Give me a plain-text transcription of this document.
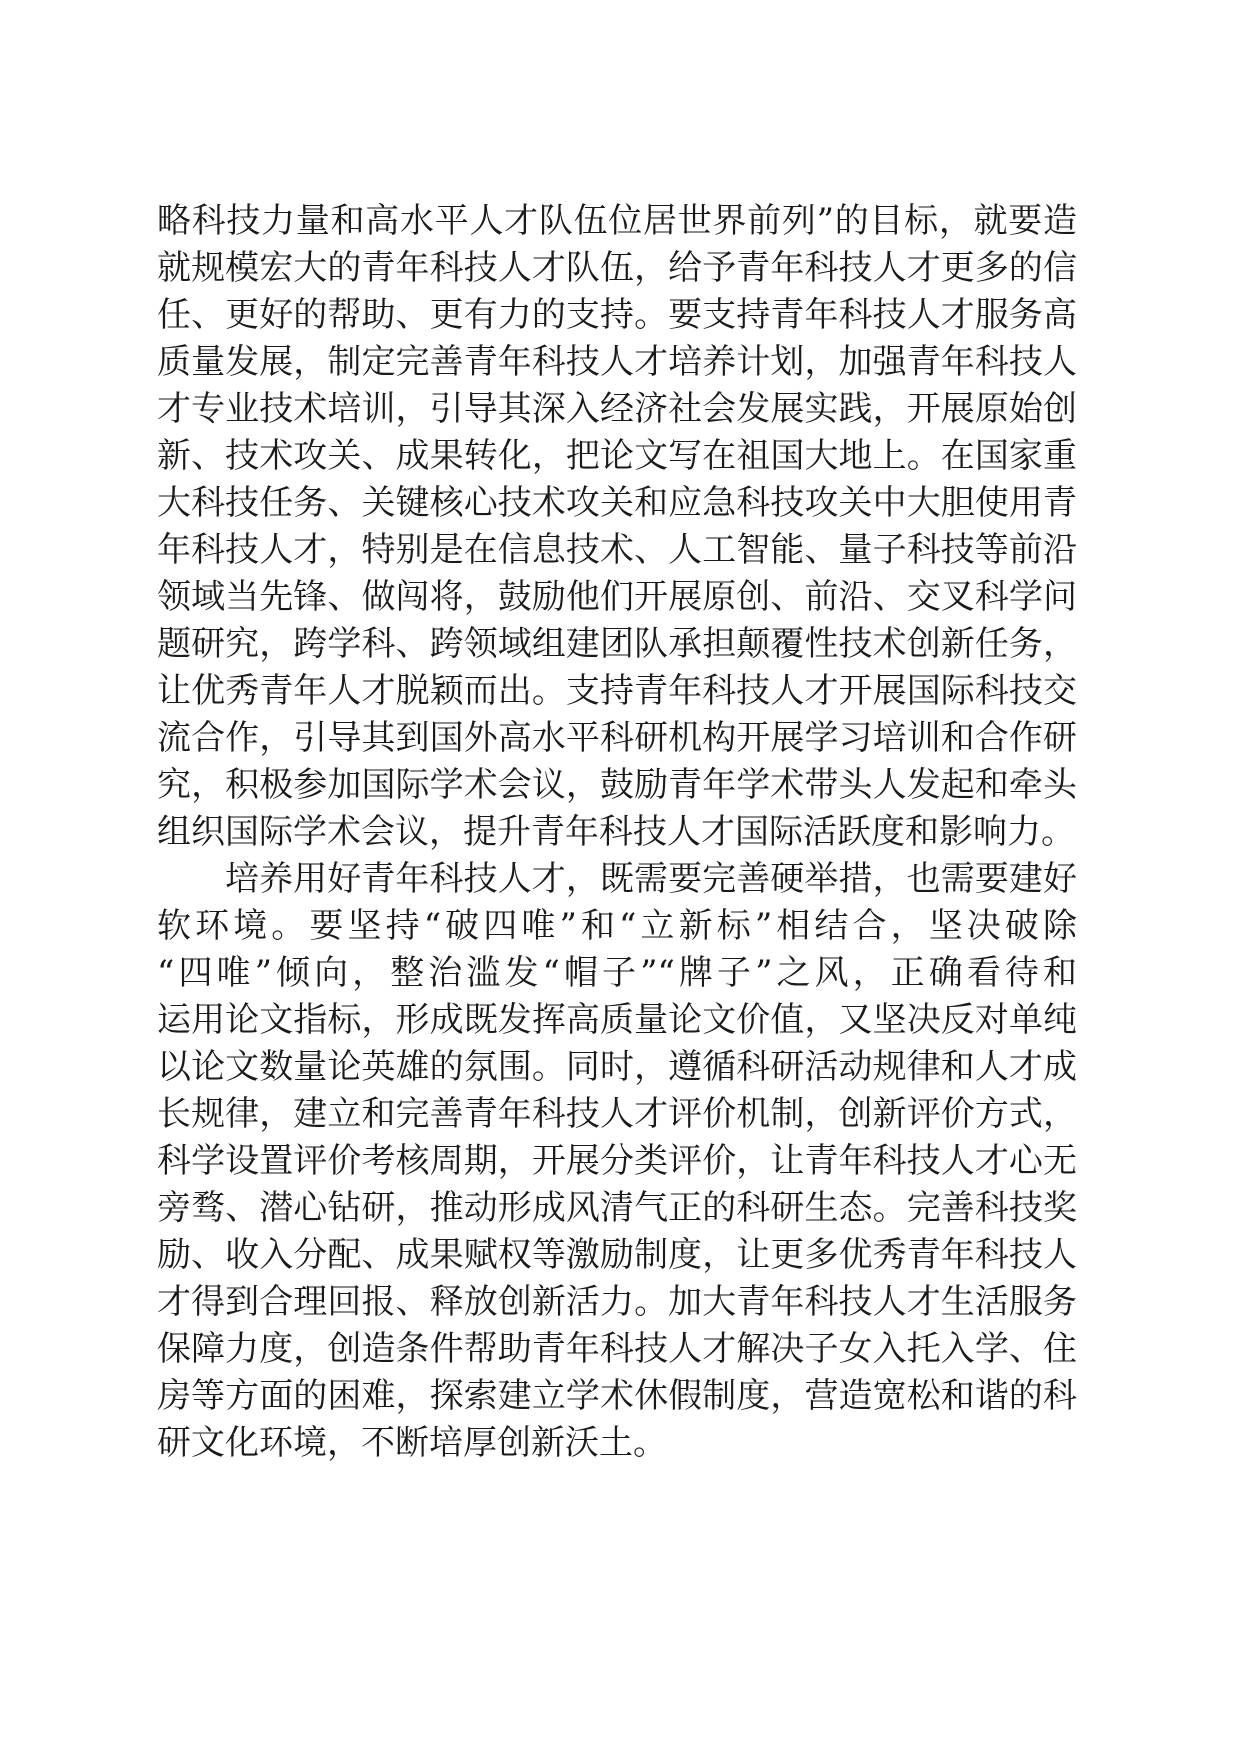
略科技力量和高水平人才队伍位居世界前列”的目标，就要造
就规模宏大的青年科技人才队伍，给予青年科技人才更多的信
任、更好的帮助、更有力的支持。要支持青年科技人才服务高
质量发展，制定完善青年科技人才培养计划，加强青年科技人
才专业技术培训，引导其深入经济社会发展实践，开展原始创
新、技术攻关、成果转化，把论文写在祖国大地上。在国家重
大科技任务、关键核心技术攻关和应急科技攻关中大胆使用青
年科技人才，特别是在信息技术、人工智能、量子科技等前沿
领域当先锋、做闯将，鼓励他们开展原创、前沿、交叉科学问
题研究，跨学科、跨领域组建团队承担颠覆性技术创新任务，
让优秀青年人才脱颖而出。支持青年科技人才开展国际科技交
流合作，引导其到国外高水平科研机构开展学习培训和合作研
究，积极参加国际学术会议，鼓励青年学术带头人发起和牵头
组织国际学术会议，提升青年科技人才国际活跃度和影响力。
培养用好青年科技人才，既需要完善硬举措，也需要建好
软环境。要坚持“破四唯”和“立新标”相结合，坚决破除
“四唯”倾向，整治滥发“帽子”“牌子”之风，正确看待和
运用论文指标，形成既发挥高质量论文价值，又坚决反对单纯
以论文数量论英雄的氛围。同时，遵循科研活动规律和人才成
长规律，建立和完善青年科技人才评价机制，创新评价方式，
科学设置评价考核周期，开展分类评价，让青年科技人才心无
旁骛、潜心钻研，推动形成风清气正的科研生态。完善科技奖
励、收入分配、成果赋权等激励制度，让更多优秀青年科技人
才得到合理回报、释放创新活力。加大青年科技人才生活服务
保障力度，创造条件帮助青年科技人才解决子女入托入学、住
房等方面的困难，探索建立学术休假制度，营造宽松和谐的科
研文化环境，不断培厚创新沃土。
